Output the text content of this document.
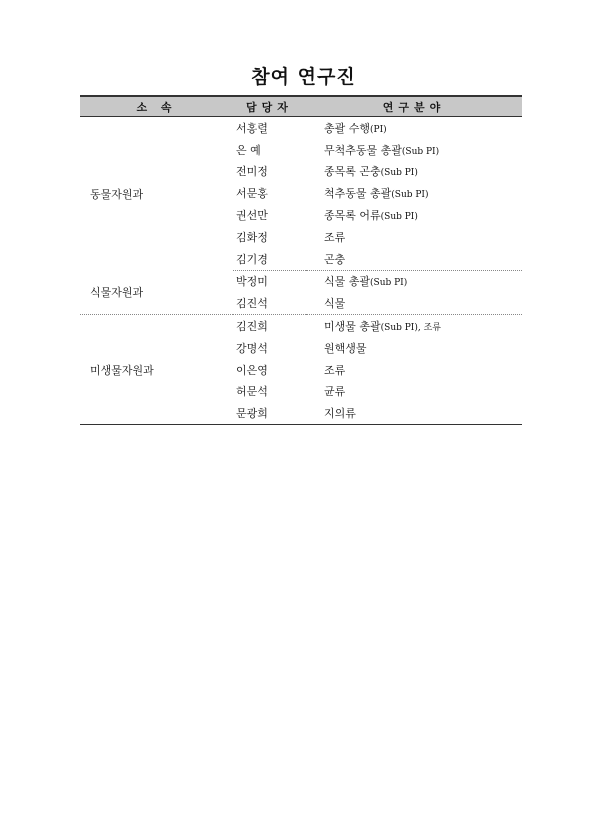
참여 연구진
소 속	담당자	연구분야
동물자원과	서홍렬	총괄 수행(PI)
	은 예	무척추동물 총괄(Sub PI)
	전미정	종목록 곤충(Sub PI)
	서문홍	척추동물 총괄(Sub PI)
	권선만	종목록 어류(Sub PI)
	김화정	조류
	김기경	곤충
식물자원과	박정미	식물 총괄(Sub PI)
	김진석	식물
미생물자원과	김진희	미생물 총괄(Sub PI), 조류
	강명석	원핵생물
	이은영	조류
	허문석	균류
	문광희	지의류
